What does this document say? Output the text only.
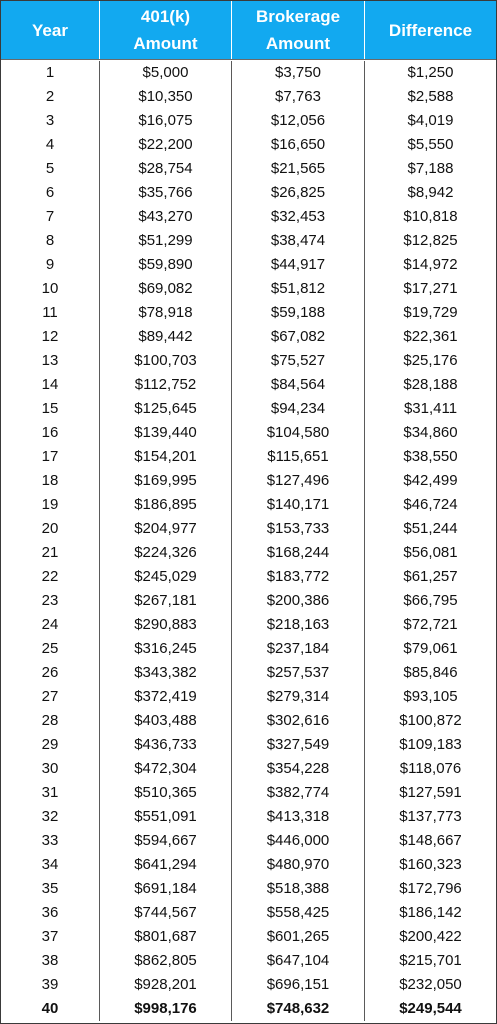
Year
401(k)
Amount
Brokerage
Amount
Difference
1
2
3
4
5
6
7
8
9
10
11
12
13
14
15
16
17
18
19
20
21
22
23
24
25
26
27
28
29
30
31
32
33
34
35
36
37
38
39
40
$5,000
$10,350
$16,075
$22,200
$28,754
$35,766
$43,270
$51,299
$59,890
$69,082
$78,918
$89,442
$100,703
$112,752
$125,645
$139,440
$154,201
$169,995
$186,895
$204,977
$224,326
$245,029
$267,181
$290,883
$316,245
$343,382
$372,419
$403,488
$436,733
$472,304
$510,365
$551,091
$594,667
$641,294
$691,184
$744,567
$801,687
$862,805
$928,201
$998,176
$3,750
$7,763
$12,056
$16,650
$21,565
$26,825
$32,453
$38,474
$44,917
$51,812
$59,188
$67,082
$75,527
$84,564
$94,234
$104,580
$115,651
$127,496
$140,171
$153,733
$168,244
$183,772
$200,386
$218,163
$237,184
$257,537
$279,314
$302,616
$327,549
$354,228
$382,774
$413,318
$446,000
$480,970
$518,388
$558,425
$601,265
$647,104
$696,151
$748,632
$1,250
$2,588
$4,019
$5,550
$7,188
$8,942
$10,818
$12,825
$14,972
$17,271
$19,729
$22,361
$25,176
$28,188
$31,411
$34,860
$38,550
$42,499
$46,724
$51,244
$56,081
$61,257
$66,795
$72,721
$79,061
$85,846
$93,105
$100,872
$109,183
$118,076
$127,591
$137,773
$148,667
$160,323
$172,796
$186,142
$200,422
$215,701
$232,050
$249,544
